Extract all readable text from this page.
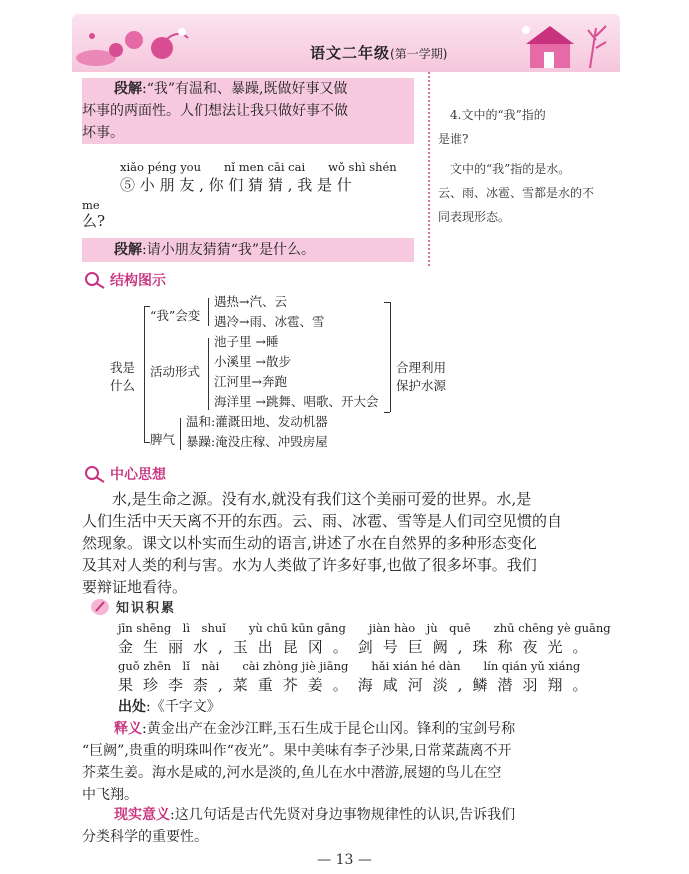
语文二年级(第一学期)
段解:“我”有温和、暴躁,既做好事又做
坏事的两面性。人们想法让我只做好事不做
坏事。
xiǎo péng you　　nǐ men cāi cai　　wǒ shì shén
⑤ 小 朋 友 , 你 们 猜 猜 , 我 是 什
me
么?
段解:请小朋友猜猜“我”是什么。
4.文中的“我”指的
是谁?
文中的“我”指的是水。
云、雨、冰雹、雪都是水的不
同表现形态。
结构图示
我是
什么
“我”会变
遇热→汽、云
遇冷→雨、冰雹、雪
活动形式
池子里 →睡
小溪里 →散步
江河里→奔跑
海洋里 →跳舞、唱歌、开大会
脾气
温和:灌溉田地、发动机器
暴躁:淹没庄稼、冲毁房屋
合理利用
保护水源
中心思想
水,是生命之源。没有水,就没有我们这个美丽可爱的世界。水,是
人们生活中天天离不开的东西。云、雨、冰雹、雪等是人们司空见惯的自
然现象。课文以朴实而生动的语言,讲述了水在自然界的多种形态变化
及其对人类的利与害。水为人类做了许多好事,也做了很多坏事。我们
要辩证地看待。
知识积累
jīn shēng　lì　shuǐ　　yù chū kūn gāng　　jiàn hào　jù　quē　　zhū chēng yè guāng
金生丽水,玉出昆冈。剑号巨阙,珠称夜光。
guǒ zhēn　lǐ　nài　　cài zhòng jiè jiāng　　hǎi xián hé dàn　　lín qián yǔ xiáng
果珍李柰,菜重芥姜。海咸河淡,鳞潜羽翔。
出处:《千字文》
释义:黄金出产在金沙江畔,玉石生成于昆仑山冈。锋利的宝剑号称
“巨阙”,贵重的明珠叫作“夜光”。果中美味有李子沙果,日常菜蔬离不开
芥菜生姜。海水是咸的,河水是淡的,鱼儿在水中潜游,展翅的鸟儿在空
中飞翔。
现实意义:这几句话是古代先贤对身边事物规律性的认识,告诉我们
分类科学的重要性。
— 13 —
